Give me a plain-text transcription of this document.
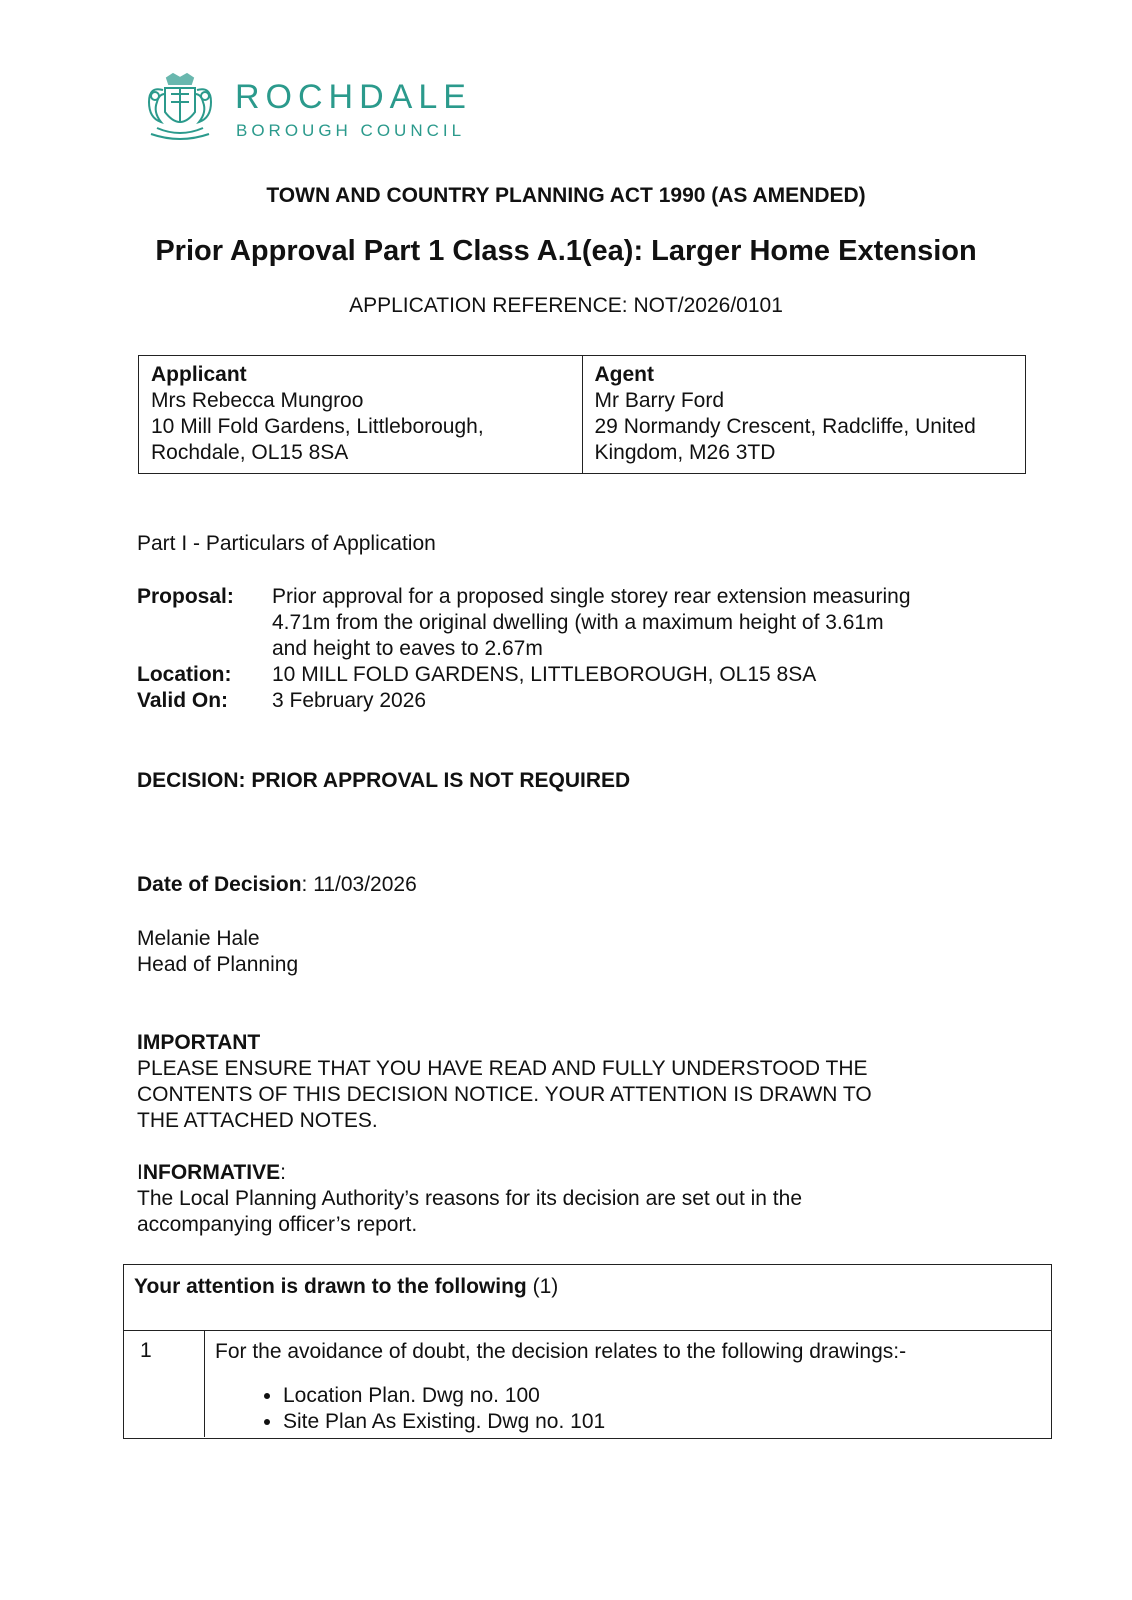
ROCHDALE
BOROUGH COUNCIL
TOWN AND COUNTRY PLANNING ACT 1990 (AS AMENDED)
Prior Approval Part 1 Class A.1(ea): Larger Home Extension
APPLICATION REFERENCE: NOT/2026/0101
Applicant
Mrs Rebecca Mungroo
10 Mill Fold Gardens, Littleborough,
Rochdale, OL15 8SA
Agent
Mr Barry Ford
29 Normandy Crescent, Radcliffe, United
Kingdom, M26 3TD
Part I - Particulars of Application
Proposal:	Prior approval for a proposed single storey rear extension measuring
4.71m from the original dwelling (with a maximum height of 3.61m
and height to eaves to 2.67m
Location:	10 MILL FOLD GARDENS, LITTLEBOROUGH, OL15 8SA
Valid On:	3 February 2026
DECISION: PRIOR APPROVAL IS NOT REQUIRED
Date of Decision: 11/03/2026
Melanie Hale
Head of Planning
IMPORTANT
PLEASE ENSURE THAT YOU HAVE READ AND FULLY UNDERSTOOD THE
CONTENTS OF THIS DECISION NOTICE. YOUR ATTENTION IS DRAWN TO
THE ATTACHED NOTES.
INFORMATIVE:
The Local Planning Authority’s reasons for its decision are set out in the
accompanying officer’s report.
Your attention is drawn to the following (1)
1	For the avoidance of doubt, the decision relates to the following drawings:-
• Location Plan. Dwg no. 100
• Site Plan As Existing. Dwg no. 101
